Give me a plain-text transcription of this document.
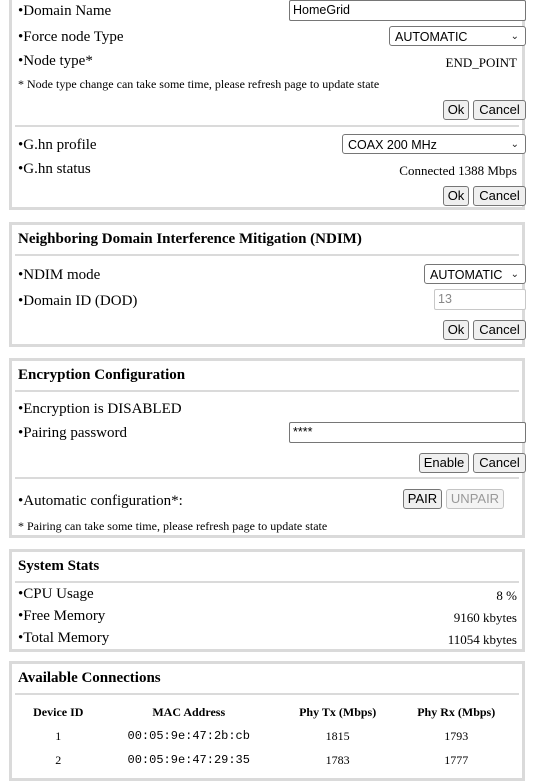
•Domain Name	HomeGrid
•Force node Type	AUTOMATIC	⌄
•Node type*	END_POINT
* Node type change can take some time, please refresh page to update state
Ok	Cancel
•G.hn profile	COAX 200 MHz	⌄
•G.hn status	Connected 1388 Mbps
Ok	Cancel
Neighboring Domain Interference Mitigation (NDIM)
•NDIM mode	AUTOMATIC ⌄
•Domain ID (DOD)	13
Ok	Cancel
Encryption Configuration
•Encryption is DISABLED
•Pairing password	****
Enable	Cancel
•Automatic configuration*:	PAIR	UNPAIR
* Pairing can take some time, please refresh page to update state
System Stats
•CPU Usage	8 %
•Free Memory	9160 kbytes
•Total Memory	11054 kbytes
Available Connections
Device ID	MAC Address	Phy Tx (Mbps)	Phy Rx (Mbps)
1	00:05:9e:47:2b:cb	1815	1793
2	00:05:9e:47:29:35	1783	1777
